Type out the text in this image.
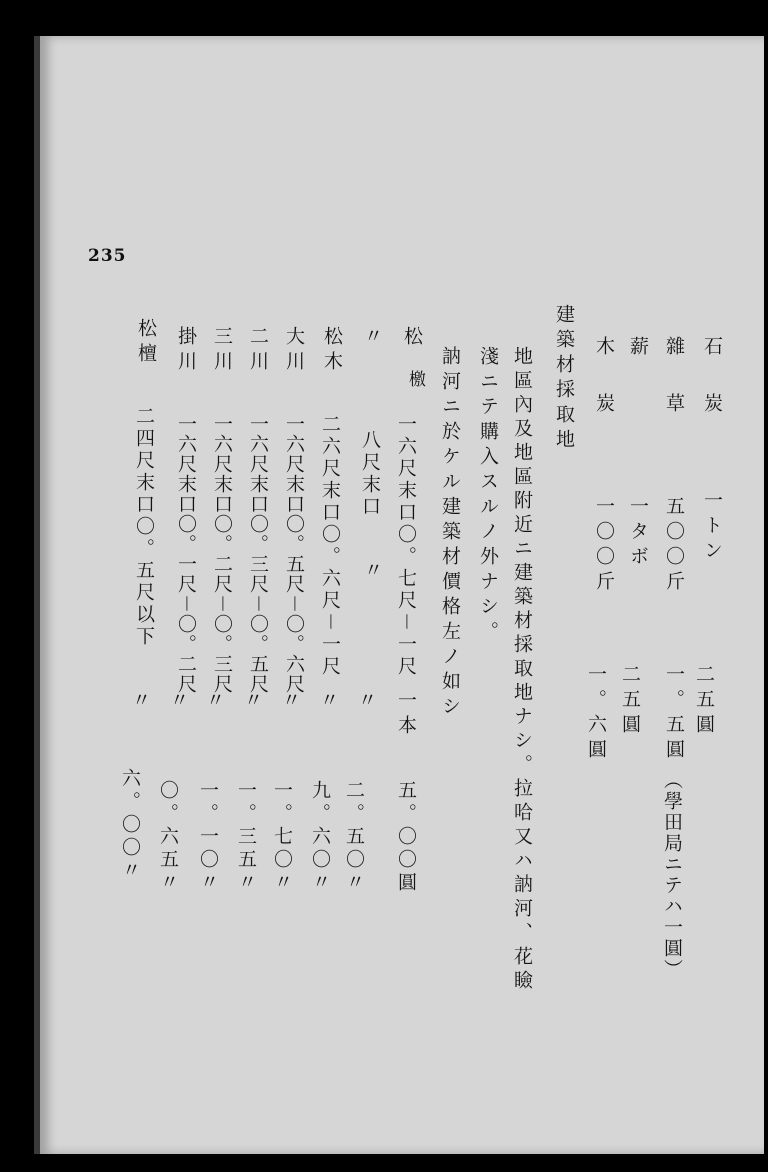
235
石炭
一トン
二五圓
雜草
五〇〇斤
一。五圓
（學田局ニテハ一圓）
薪
一タボ
二五圓
木炭
一〇〇斤
一。六圓
建築材採取地
地區內及地區附近ニ建築材採取地ナシ。拉哈又ハ訥河、花瞼
淺ニテ購入スルノ外ナシ。
訥河ニ於ケル建築材價格左ノ如シ
松
檄
一六尺末口〇。七尺－一尺
一本
五。〇〇圓
〃
八尺末口
〃
〃
二。五〇〃
松木
二六尺末口〇。六尺－一尺
〃
九。六〇〃
大川
一六尺末口〇。五尺－〇。六尺
〃
一。七〇〃
二川
一六尺末口〇。三尺－〇。五尺
〃
一。三五〃
三川
一六尺末口〇。二尺－〇。三尺
〃
一。一〇〃
掛川
一六尺末口〇。一尺－〇。二尺
〃
〇。六五〃
松檀
二四尺末口〇。五尺以下
〃
六。〇〇〃
